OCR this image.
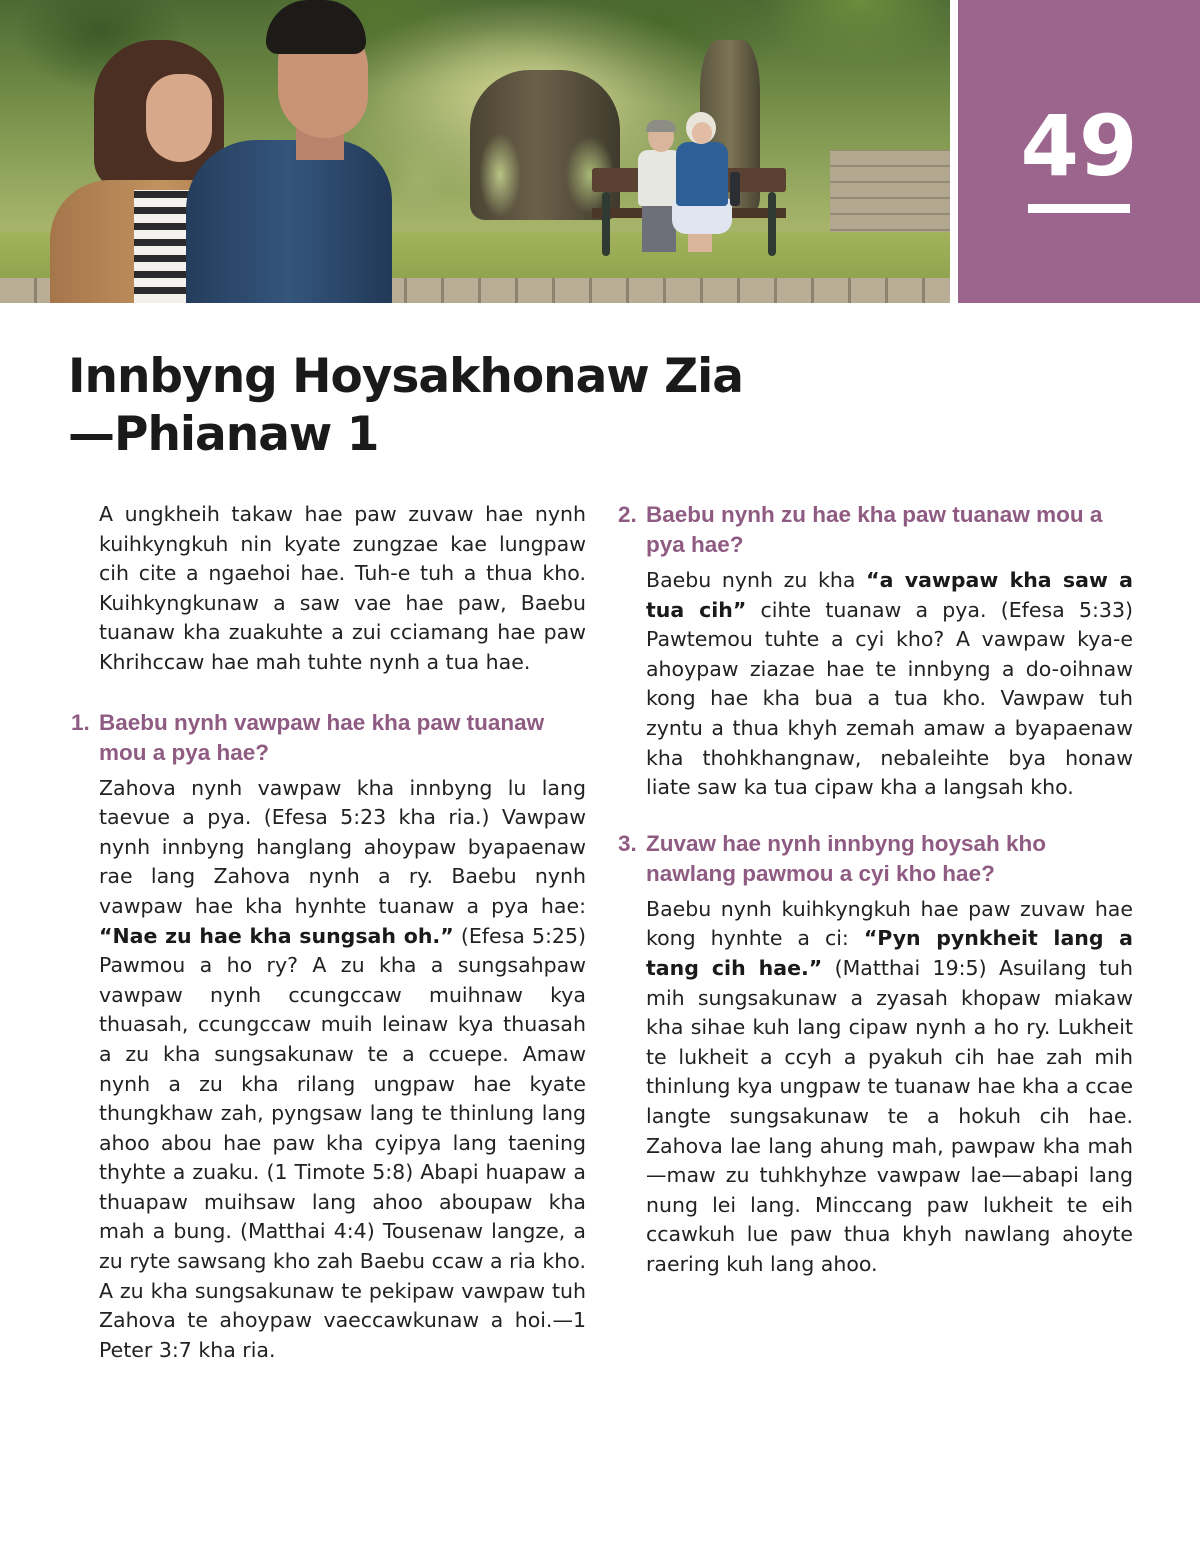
49
Innbyng Hoysakhonaw Zia
—Phianaw 1

A ungkheih takaw hae paw zuvaw hae nynh kuihkyngkuh nin kyate zungzae kae lungpaw cih cite a ngaehoi hae. Tuh-e tuh a thua kho. Kuihkyngkunaw a saw vae hae paw, Baebu tuanaw kha zuakuhte a zui cciamang hae paw Khrihccaw hae mah tuhte nynh a tua hae.

1. Baebu nynh vawpaw hae kha paw tuanaw mou a pya hae?

Zahova nynh vawpaw kha innbyng lu lang taevue a pya. (Efesa 5:23 kha ria.) Vawpaw nynh innbyng hanglang ahoypaw byapaenaw rae lang Zahova nynh a ry. Baebu nynh vawpaw hae kha hynhte tuanaw a pya hae: “Nae zu hae kha sungsah oh.” (Efesa 5:25) Pawmou a ho ry? A zu kha a sungsahpaw vawpaw nynh ccungccaw muihnaw kya thuasah, ccungccaw muih leinaw kya thuasah a zu kha sungsakunaw te a ccuepe. Amaw nynh a zu kha rilang ungpaw hae kyate thungkhaw zah, pyngsaw lang te thinlung lang ahoo abou hae paw kha cyipya lang taening thyhte a zuaku. (1 Timote 5:8) Abapi huapaw a thuapaw muihsaw lang ahoo aboupaw kha mah a bung. (Matthai 4:4) Tousenaw langze, a zu ryte sawsang kho zah Baebu ccaw a ria kho. A zu kha sungsakunaw te pekipaw vawpaw tuh Zahova te ahoypaw vaeccawkunaw a hoi.—1 Peter 3:7 kha ria.

2. Baebu nynh zu hae kha paw tuanaw mou a pya hae?

Baebu nynh zu kha “a vawpaw kha saw a tua cih” cihte tuanaw a pya. (Efesa 5:33) Pawtemou tuhte a cyi kho? A vawpaw kya-e ahoypaw ziazae hae te innbyng a do-oihnaw kong hae kha bua a tua kho. Vawpaw tuh zyntu a thua khyh zemah amaw a byapaenaw kha thohkhangnaw, nebaleihte bya honaw liate saw ka tua cipaw kha a langsah kho.

3. Zuvaw hae nynh innbyng hoysah kho nawlang pawmou a cyi kho hae?

Baebu nynh kuihkyngkuh hae paw zuvaw hae kong hynhte a ci: “Pyn pynkheit lang a tang cih hae.” (Matthai 19:5) Asuilang tuh mih sungsakunaw a zyasah khopaw miakaw kha sihae kuh lang cipaw nynh a ho ry. Lukheit te lukheit a ccyh a pyakuh cih hae zah mih thinlung kya ungpaw te tuanaw hae kha a ccae langte sungsakunaw te a hokuh cih hae. Zahova lae lang ahung mah, pawpaw kha mah—maw zu tuhkhyhze vawpaw lae—abapi lang nung lei lang. Minccang paw lukheit te eih ccawkuh lue paw thua khyh nawlang ahoyte raering kuh lang ahoo.
